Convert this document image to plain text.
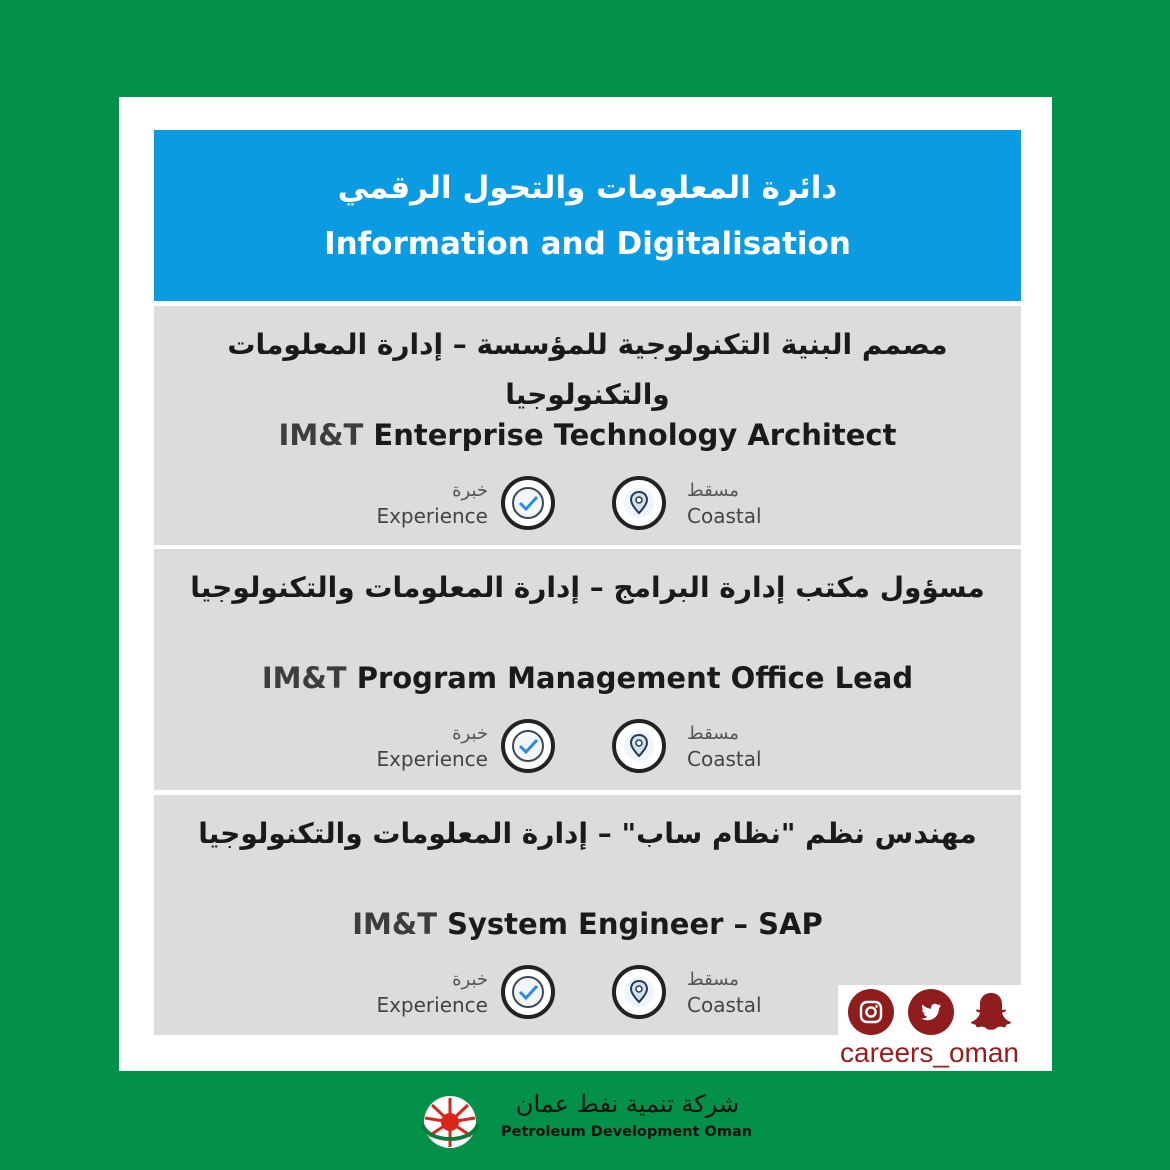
دائرة المعلومات والتحول الرقمي
Information and Digitalisation
مصمم البنية التكنولوجية للمؤسسة – إدارة المعلومات والتكنولوجيا
IM&T Enterprise Technology Architect
خبرة
Experience
مسقط
Coastal
مسؤول مكتب إدارة البرامج – إدارة المعلومات والتكنولوجيا
IM&T Program Management Office Lead
خبرة
Experience
مسقط
Coastal
مهندس نظم "نظام ساب" – إدارة المعلومات والتكنولوجيا
IM&T System Engineer – SAP
خبرة
Experience
مسقط
Coastal
careers_oman
شركة تنمية نفط عمان
Petroleum Development Oman
